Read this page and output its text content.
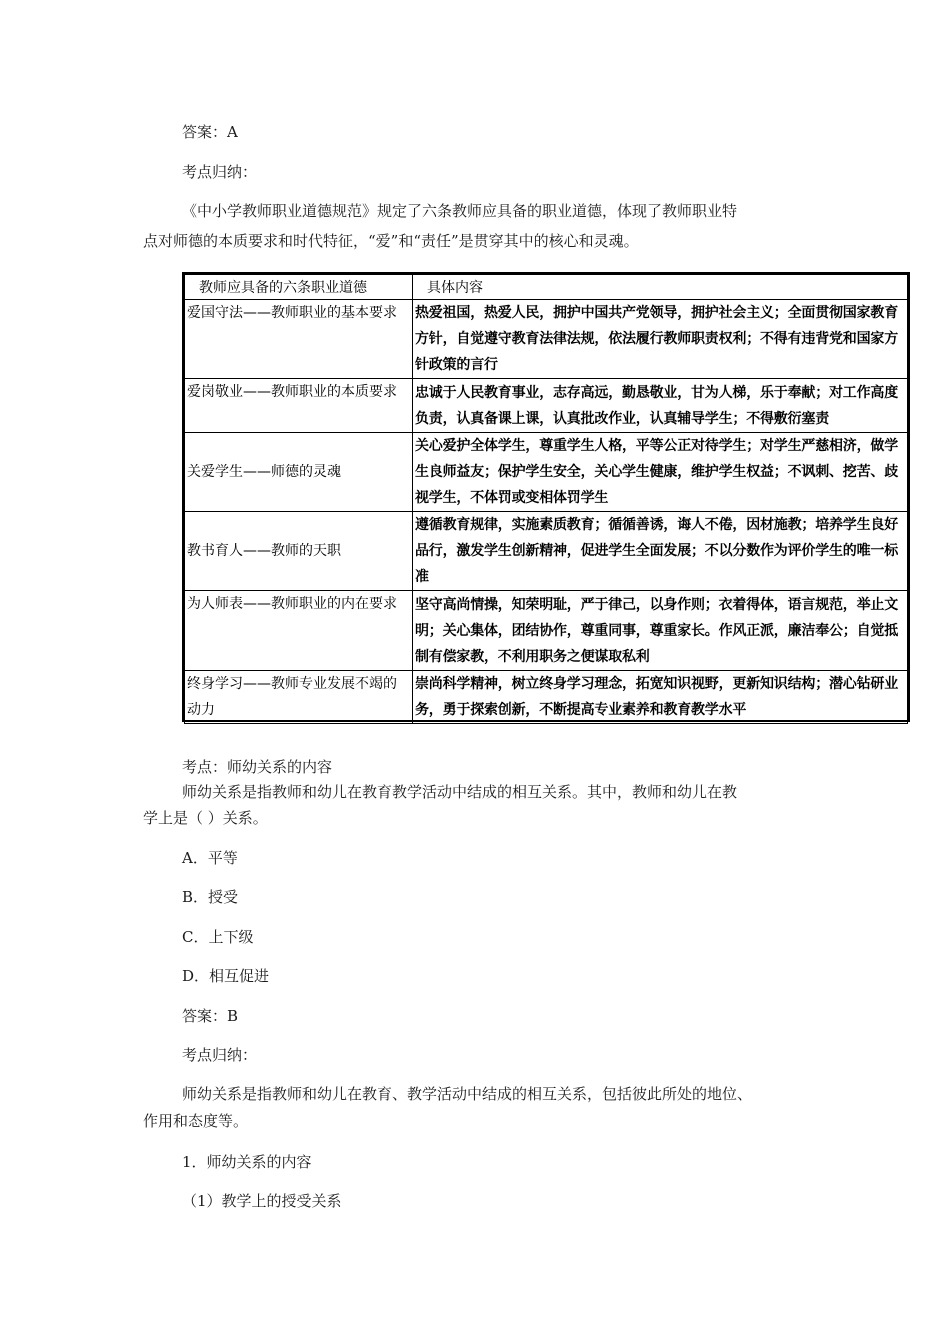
答案：A
考点归纳：
《中小学教师职业道德规范》规定了六条教师应具备的职业道德，体现了教师职业特
点对师德的本质要求和时代特征，“爱”和“责任”是贯穿其中的核心和灵魂。
教师应具备的六条职业道德	具体内容
爱国守法——教师职业的基本要求	热爱祖国，热爱人民，拥护中国共产党领导，拥护社会主义；全面贯彻国家教育方针，自觉遵守教育法律法规，依法履行教师职责权利；不得有违背党和国家方针政策的言行
爱岗敬业——教师职业的本质要求	忠诚于人民教育事业，志存高远，勤恳敬业，甘为人梯，乐于奉献；对工作高度负责，认真备课上课，认真批改作业，认真辅导学生；不得敷衍塞责
关爱学生——师德的灵魂	关心爱护全体学生，尊重学生人格，平等公正对待学生；对学生严慈相济，做学生良师益友；保护学生安全，关心学生健康，维护学生权益；不讽刺、挖苦、歧视学生，不体罚或变相体罚学生
教书育人——教师的天职	遵循教育规律，实施素质教育；循循善诱，诲人不倦，因材施教；培养学生良好品行，激发学生创新精神，促进学生全面发展；不以分数作为评价学生的唯一标准
为人师表——教师职业的内在要求	坚守高尚情操，知荣明耻，严于律己，以身作则；衣着得体，语言规范，举止文明；关心集体，团结协作，尊重同事，尊重家长。作风正派，廉洁奉公；自觉抵制有偿家教，不利用职务之便谋取私利
终身学习——教师专业发展不竭的动力	崇尚科学精神，树立终身学习理念，拓宽知识视野，更新知识结构；潜心钻研业务，勇于探索创新，不断提高专业素养和教育教学水平
考点：师幼关系的内容
师幼关系是指教师和幼儿在教育教学活动中结成的相互关系。其中，教师和幼儿在教
学上是（ ）关系。
A．平等
B．授受
C．上下级
D．相互促进
答案：B
考点归纳：
师幼关系是指教师和幼儿在教育、教学活动中结成的相互关系，包括彼此所处的地位、
作用和态度等。
1．师幼关系的内容
（1）教学上的授受关系
